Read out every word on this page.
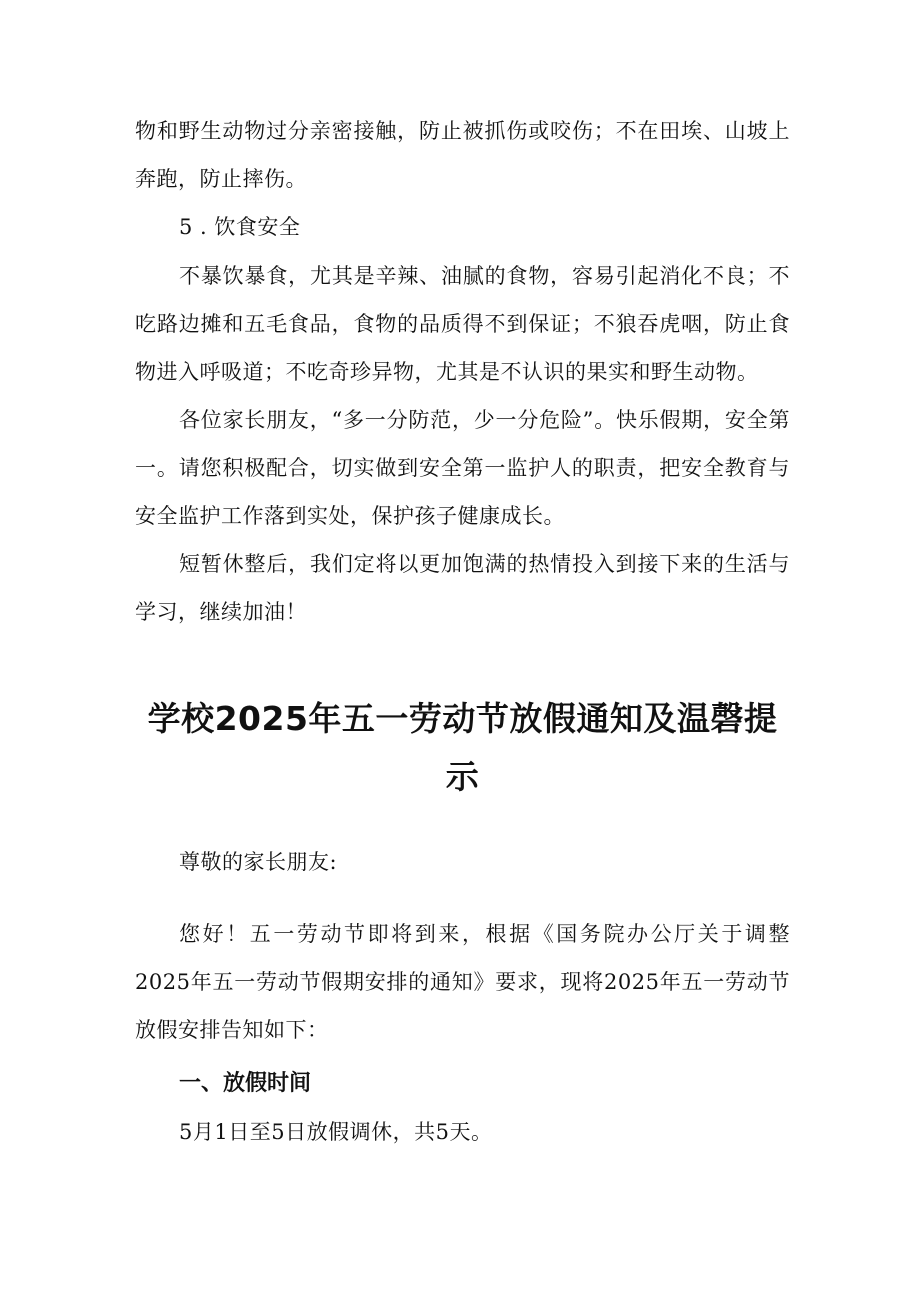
物和野生动物过分亲密接触，防止被抓伤或咬伤；不在田埃、山坡上奔跑，防止摔伤。

5 . 饮食安全

不暴饮暴食，尤其是辛辣、油腻的食物，容易引起消化不良；不吃路边摊和五毛食品，食物的品质得不到保证；不狼吞虎咽，防止食物进入呼吸道；不吃奇珍异物，尤其是不认识的果实和野生动物。

各位家长朋友，“多一分防范，少一分危险”。快乐假期，安全第一。请您积极配合，切实做到安全第一监护人的职责，把安全教育与安全监护工作落到实处，保护孩子健康成长。

短暂休整后，我们定将以更加饱满的热情投入到接下来的生活与学习，继续加油！

学校2025年五一劳动节放假通知及温磬提示

尊敬的家长朋友:

您好！五一劳动节即将到来，根据《国务院办公厅关于调整2025年五一劳动节假期安排的通知》要求，现将2025年五一劳动节放假安排告知如下：

一、放假时间

5月1日至5日放假调休，共5天。
